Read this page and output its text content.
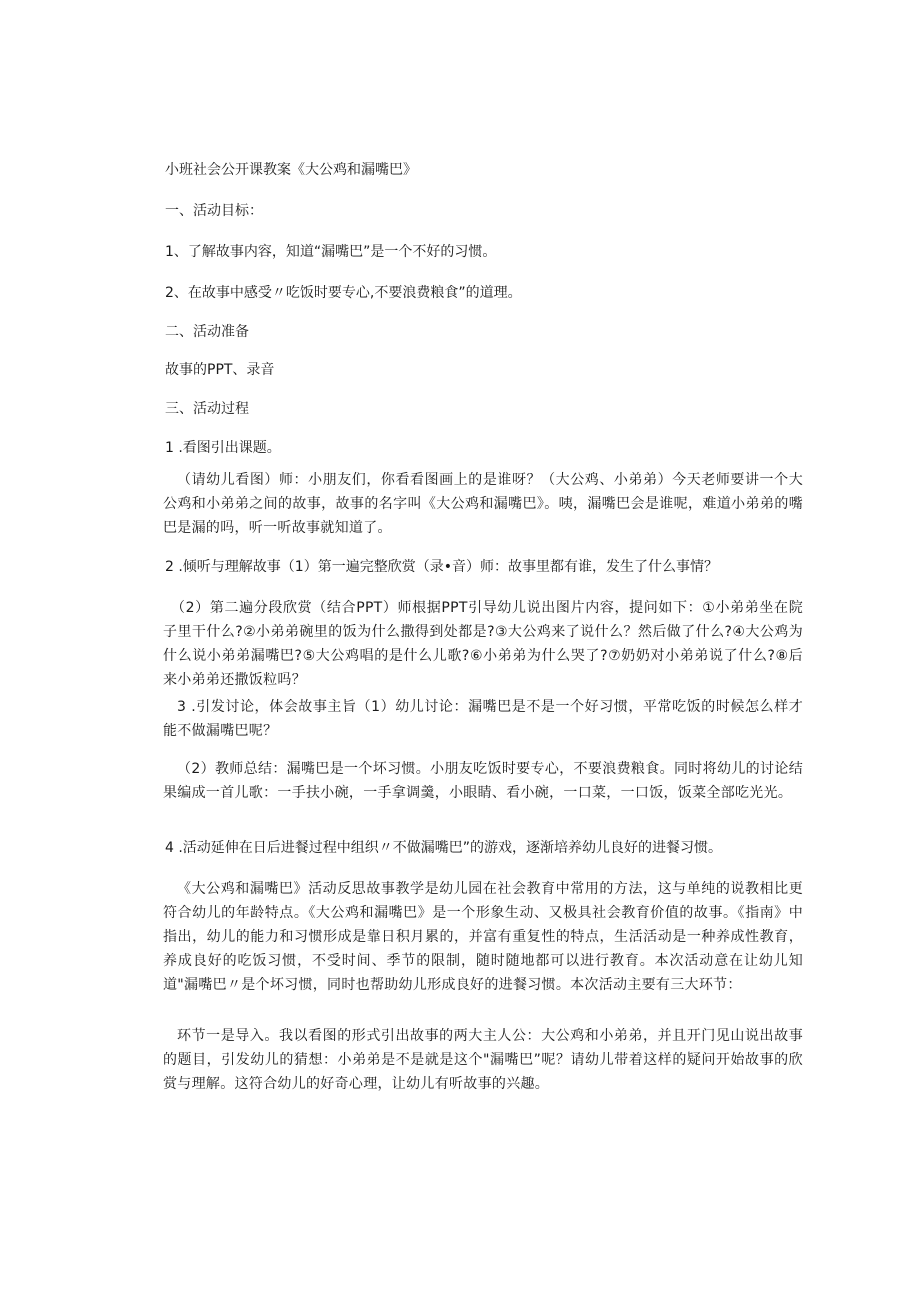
小班社会公开课教案《大公鸡和漏嘴巴》
一、活动目标：
1、了解故事内容，知道“漏嘴巴”是一个不好的习惯。
2、在故事中感受〃吃饭时要专心,不要浪费粮食”的道理。
二、活动准备
故事的PPT、录音
三、活动过程
1 .看图引出课题。
（请幼儿看图）师：小朋友们，你看看图画上的是谁呀？（大公鸡、小弟弟）今天老师要讲一个大公鸡和小弟弟之间的故事，故事的名字叫《大公鸡和漏嘴巴》。咦，漏嘴巴会是谁呢，难道小弟弟的嘴巴是漏的吗，听一听故事就知道了。
2 .倾听与理解故事（1）第一遍完整欣赏（录•音）师：故事里都有谁，发生了什么事情？
（2）第二遍分段欣赏（结合PPT）师根据PPT引导幼儿说出图片内容，提问如下：①小弟弟坐在院子里干什么?②小弟弟碗里的饭为什么撒得到处都是?③大公鸡来了说什么？然后做了什么?④大公鸡为什么说小弟弟漏嘴巴?⑤大公鸡唱的是什么儿歌?⑥小弟弟为什么哭了?⑦奶奶对小弟弟说了什么?⑧后来小弟弟还撒饭粒吗？
3 .引发讨论，体会故事主旨（1）幼儿讨论：漏嘴巴是不是一个好习惯，平常吃饭的时候怎么样才能不做漏嘴巴呢？
（2）教师总结：漏嘴巴是一个坏习惯。小朋友吃饭时要专心，不要浪费粮食。同时将幼儿的讨论结果编成一首儿歌：一手扶小碗，一手拿调羹，小眼睛、看小碗，一口菜，一口饭，饭菜全部吃光光。
4 .活动延伸在日后进餐过程中组织〃不做漏嘴巴”的游戏，逐渐培养幼儿良好的进餐习惯。
《大公鸡和漏嘴巴》活动反思故事教学是幼儿园在社会教育中常用的方法，这与单纯的说教相比更符合幼儿的年龄特点。《大公鸡和漏嘴巴》是一个形象生动、又极具社会教育价值的故事。《指南》中指出，幼儿的能力和习惯形成是靠日积月累的，并富有重复性的特点，生活活动是一种养成性教育，养成良好的吃饭习惯，不受时间、季节的限制，随时随地都可以进行教育。本次活动意在让幼儿知道"漏嘴巴〃是个坏习惯，同时也帮助幼儿形成良好的进餐习惯。本次活动主要有三大环节：
环节一是导入。我以看图的形式引出故事的两大主人公：大公鸡和小弟弟，并且开门见山说出故事的题目，引发幼儿的猜想：小弟弟是不是就是这个"漏嘴巴”呢？请幼儿带着这样的疑问开始故事的欣赏与理解。这符合幼儿的好奇心理，让幼儿有听故事的兴趣。
